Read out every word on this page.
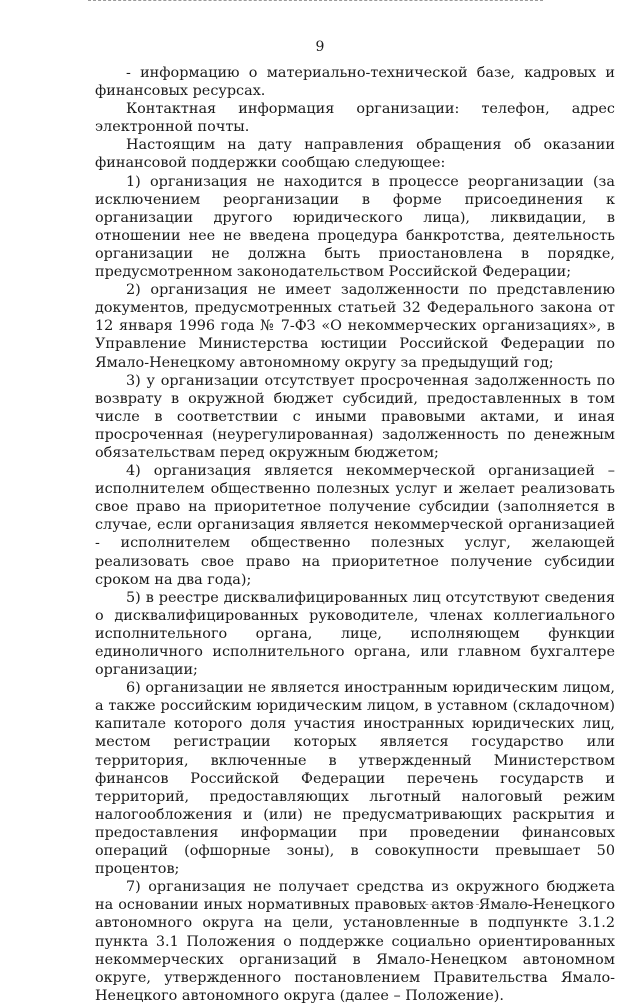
9

- информацию о материально-технической базе, кадровых и финансовых ресурсах.

Контактная информация организации: телефон, адрес электронной почты.

Настоящим на дату направления обращения об оказании финансовой поддержки сообщаю следующее:

1) организация не находится в процессе реорганизации (за исключением реорганизации в форме присоединения к организации другого юридического лица), ликвидации, в отношении нее не введена процедура банкротства, деятельность организации не должна быть приостановлена в порядке, предусмотренном законодательством Российской Федерации;

2) организация не имеет задолженности по представлению документов, предусмотренных статьей 32 Федерального закона от 12 января 1996 года № 7-ФЗ «О некоммерческих организациях», в Управление Министерства юстиции Российской Федерации по Ямало-Ненецкому автономному округу за предыдущий год;

3) у организации отсутствует просроченная задолженность по возврату в окружной бюджет субсидий, предоставленных в том числе в соответствии с иными правовыми актами, и иная просроченная (неурегулированная) задолженность по денежным обязательствам перед окружным бюджетом;

4) организация является некоммерческой организацией – исполнителем общественно полезных услуг и желает реализовать свое право на приоритетное получение субсидии (заполняется в случае, если организация является некоммерческой организацией - исполнителем общественно полезных услуг, желающей реализовать свое право на приоритетное получение субсидии сроком на два года);

5) в реестре дисквалифицированных лиц отсутствуют сведения о дисквалифицированных руководителе, членах коллегиального исполнительного органа, лице, исполняющем функции единоличного исполнительного органа, или главном бухгалтере организации;

6) организации не является иностранным юридическим лицом, а также российским юридическим лицом, в уставном (складочном) капитале которого доля участия иностранных юридических лиц, местом регистрации которых является государство или территория, включенные в утвержденный Министерством финансов Российской Федерации перечень государств и территорий, предоставляющих льготный налоговый режим налогообложения и (или) не предусматривающих раскрытия и предоставления информации при проведении финансовых операций (офшорные зоны), в совокупности превышает 50 процентов;

7) организация не получает средства из окружного бюджета на основании иных нормативных правовых актов Ямало-Ненецкого автономного округа на цели, установленные в подпункте 3.1.2 пункта 3.1 Положения о поддержке социально ориентированных некоммерческих организаций в Ямало-Ненецком автономном округе, утвержденного постановлением Правительства Ямало-Ненецкого автономного округа (далее – Положение).
